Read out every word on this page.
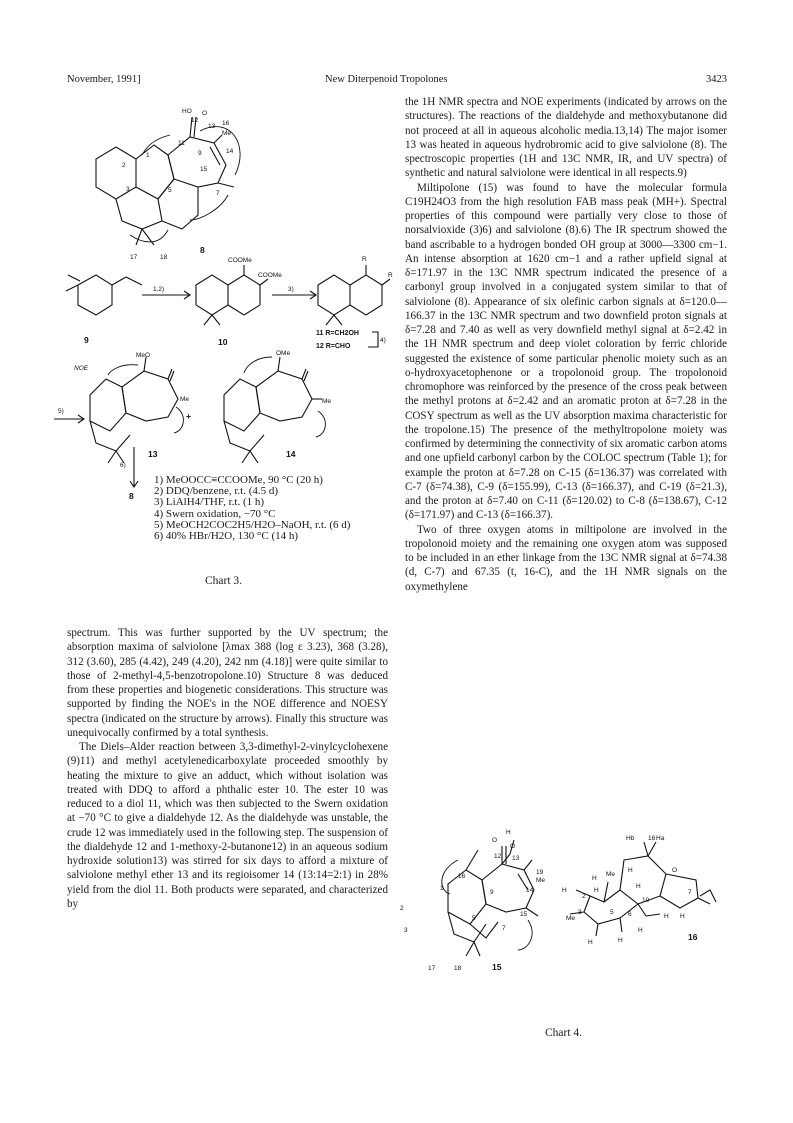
November, 1991]	New Diterpenoid Tropolones	3423
HO O
Me
12
13 16
14
11
9
15
7
1
2
3	5
17	18
8
9
1,2)
COOMe
COOMe
10
3)
R
R
11 R=CH2OH
12 R=CHO
4)
MeO
NOE
Me
+
13
OMe
Me
14
5)
6)
8
1) MeOOCC≡CCOOMe, 90 °C (20 h)
2) DDQ/benzene, r.t. (4.5 d)
3) LiAlH4/THF, r.t. (1 h)
4) Swern oxidation, −70 °C
5) MeOCH2COC2H5/H2O–NaOH, r.t. (6 d)
6) 40% HBr/H2O, 130 °C (14 h)
Chart 3.

spectrum. This was further supported by the UV spectrum; the absorption maxima of salviolone [λmax 388 (log ε 3.23), 368 (3.28), 312 (3.60), 285 (4.42), 249 (4.20), 242 nm (4.18)] were quite similar to those of 2-methyl-4,5-benzotropolone.10) Structure 8 was deduced from these properties and biogenetic considerations. This structure was supported by finding the NOE's in the NOE difference and NOESY spectra (indicated on the structure by arrows). Finally this structure was unequivocally confirmed by a total synthesis.

The Diels–Alder reaction between 3,3-dimethyl-2-vinylcyclohexene (9)11) and methyl acetylenedicarboxylate proceeded smoothly by heating the mixture to give an adduct, which without isolation was treated with DDQ to afford a phthalic ester 10. The ester 10 was reduced to a diol 11, which was then subjected to the Swern oxidation at −70 °C to give a dialdehyde 12. As the dialdehyde was unstable, the crude 12 was immediately used in the following step. The suspension of the dialdehyde 12 and 1-methoxy-2-butanone12) in an aqueous sodium hydroxide solution13) was stirred for six days to afford a mixture of salviolone methyl ether 13 and its regioisomer 14 (13:14=2:1) in 28% yield from the diol 11. Both products were separated, and characterized by

the 1H NMR spectra and NOE experiments (indicated by arrows on the structures). The reactions of the dialdehyde and methoxybutanone did not proceed at all in aqueous alcoholic media.13,14) The major isomer 13 was heated in aqueous hydrobromic acid to give salviolone (8). The spectroscopic properties (1H and 13C NMR, IR, and UV spectra) of synthetic and natural salviolone were identical in all respects.9)

Miltipolone (15) was found to have the molecular formula C19H24O3 from the high resolution FAB mass peak (MH+). Spectral properties of this compound were partially very close to those of norsalvioxide (3)6) and salviolone (8).6) The IR spectrum showed the band ascribable to a hydrogen bonded OH group at 3000—3300 cm−1. An intense absorption at 1620 cm−1 and a rather upfield signal at δ=171.97 in the 13C NMR spectrum indicated the presence of a carbonyl group involved in a conjugated system similar to that of salviolone (8). Appearance of six olefinic carbon signals at δ=120.0—166.37 in the 13C NMR spectrum and two downfield proton signals at δ=7.28 and 7.40 as well as very downfield methyl signal at δ=2.42 in the 1H NMR spectrum and deep violet coloration by ferric chloride suggested the existence of some particular phenolic moiety such as an o-hydroxyacetophenone or a tropolonoid group. The tropolonoid chromophore was reinforced by the presence of the cross peak between the methyl protons at δ=2.42 and an aromatic proton at δ=7.28 in the COSY spectrum as well as the UV absorption maxima characteristic for the tropolone.15) The presence of the methyltropolone moiety was confirmed by determining the connectivity of six aromatic carbon atoms and one upfield carbonyl carbon by the COLOC spectrum (Table 1); for example the proton at δ=7.28 on C-15 (δ=136.37) was correlated with C-7 (δ=74.38), C-9 (δ=155.99), C-13 (δ=166.37), and C-19 (δ=21.3), and the proton at δ=7.40 on C-11 (δ=120.02) to C-8 (δ=138.67), C-12 (δ=171.97) and C-13 (δ=166.37).

Two of three oxygen atoms in miltipolone are involved in the tropolonoid moiety and the remaining one oxygen atom was supposed to be included in an ether linkage from the 13C NMR signal at δ=74.38 (d, C-7) and 67.35 (t, 16-C), and the 1H NMR signals on the oxymethylene

H
O
O
Me
13
12
19
14
16
1
9
15
2
3
5
7
17	18	15
Hb	Ha
16
O
Me
H
H
H
H	H
H
H H
H
H
Me
10
7
5 6
3
2
16
Chart 4.
